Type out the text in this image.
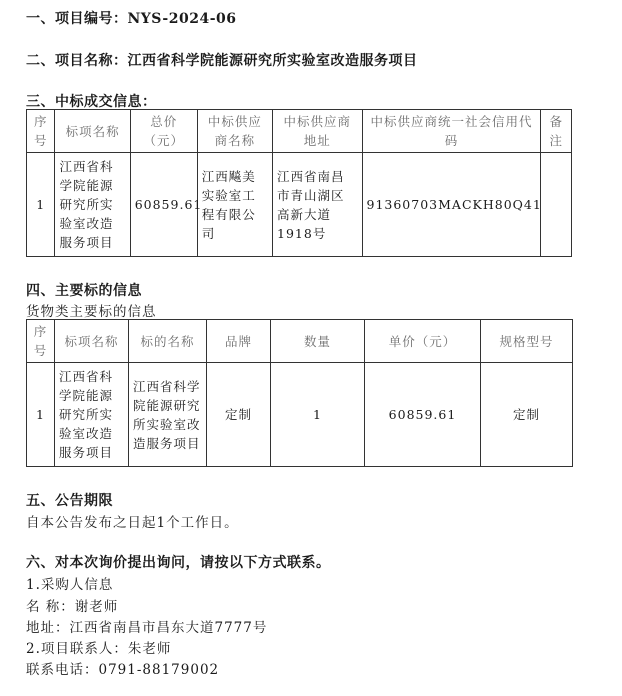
一、项目编号：NYS-2024-06
二、项目名称：江西省科学院能源研究所实验室改造服务项目
三、中标成交信息：
序号	标项名称	总价（元）	中标供应商名称	中标供应商地址	中标供应商统一社会信用代码	备注
1	江西省科学院能源研究所实验室改造服务项目	60859.61	江西飚美实验室工程有限公司	江西省南昌市青山湖区高新大道1918号	91360703MACKH80Q41	
四、主要标的信息
货物类主要标的信息
序号	标项名称	标的名称	品牌	数量	单价（元）	规格型号
1	江西省科学院能源研究所实验室改造服务项目	江西省科学院能源研究所实验室改造服务项目	定制	1	60859.61	定制
五、公告期限
自本公告发布之日起1个工作日。
六、对本次询价提出询问，请按以下方式联系。
1.采购人信息
名 称：谢老师
地址：江西省南昌市昌东大道7777号
2.项目联系人：朱老师
联系电话：0791-88179002
